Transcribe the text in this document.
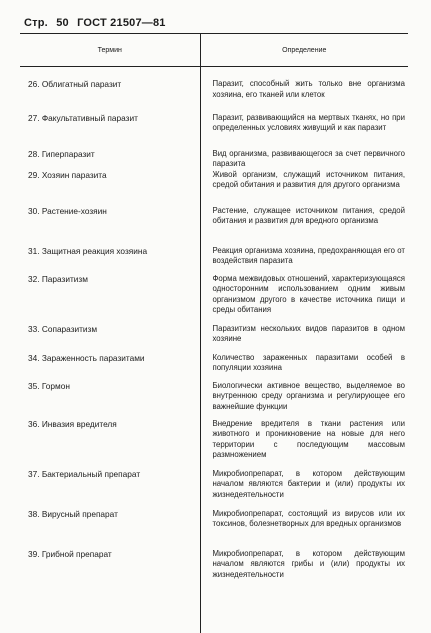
Стр. 50 ГОСТ 21507—81
Термин	Определение
26. Облигатный паразит	Паразит, способный жить только вне организма хозяина, его тканей или клеток
27. Факультативный паразит	Паразит, развивающийся на мертвых тканях, но при определенных условиях живущий и как паразит
28. Гиперпаразит	Вид организма, развивающегося за счет первичного паразита
29. Хозяин паразита	Живой организм, служащий источником питания, средой обитания и развития для другого организма
30. Растение-хозяин	Растение, служащее источником питания, средой обитания и развития для вредного организма
31. Защитная реакция хозяина	Реакция организма хозяина, предохраняющая его от воздействия паразита
32. Паразитизм	Форма межвидовых отношений, характеризующаяся односторонним использованием одним живым организмом другого в качестве источника пищи и среды обитания
33. Сопаразитизм	Паразитизм нескольких видов паразитов в одном хозяине
34. Зараженность паразитами	Количество зараженных паразитами особей в популяции хозяина
35. Гормон	Биологически активное вещество, выделяемое во внутреннюю среду организма и регулирующее его важнейшие функции
36. Инвазия вредителя	Внедрение вредителя в ткани растения или животного и проникновение на новые для него территории с последующим массовым размножением
37. Бактериальный препарат	Микробиопрепарат, в котором действующим началом являются бактерии и (или) продукты их жизнедеятельности
38. Вирусный препарат	Микробиопрепарат, состоящий из вирусов или их токсинов, болезнетворных для вредных организмов
39. Грибной препарат	Микробиопрепарат, в котором действующим началом являются грибы и (или) продукты их жизнедеятельности
